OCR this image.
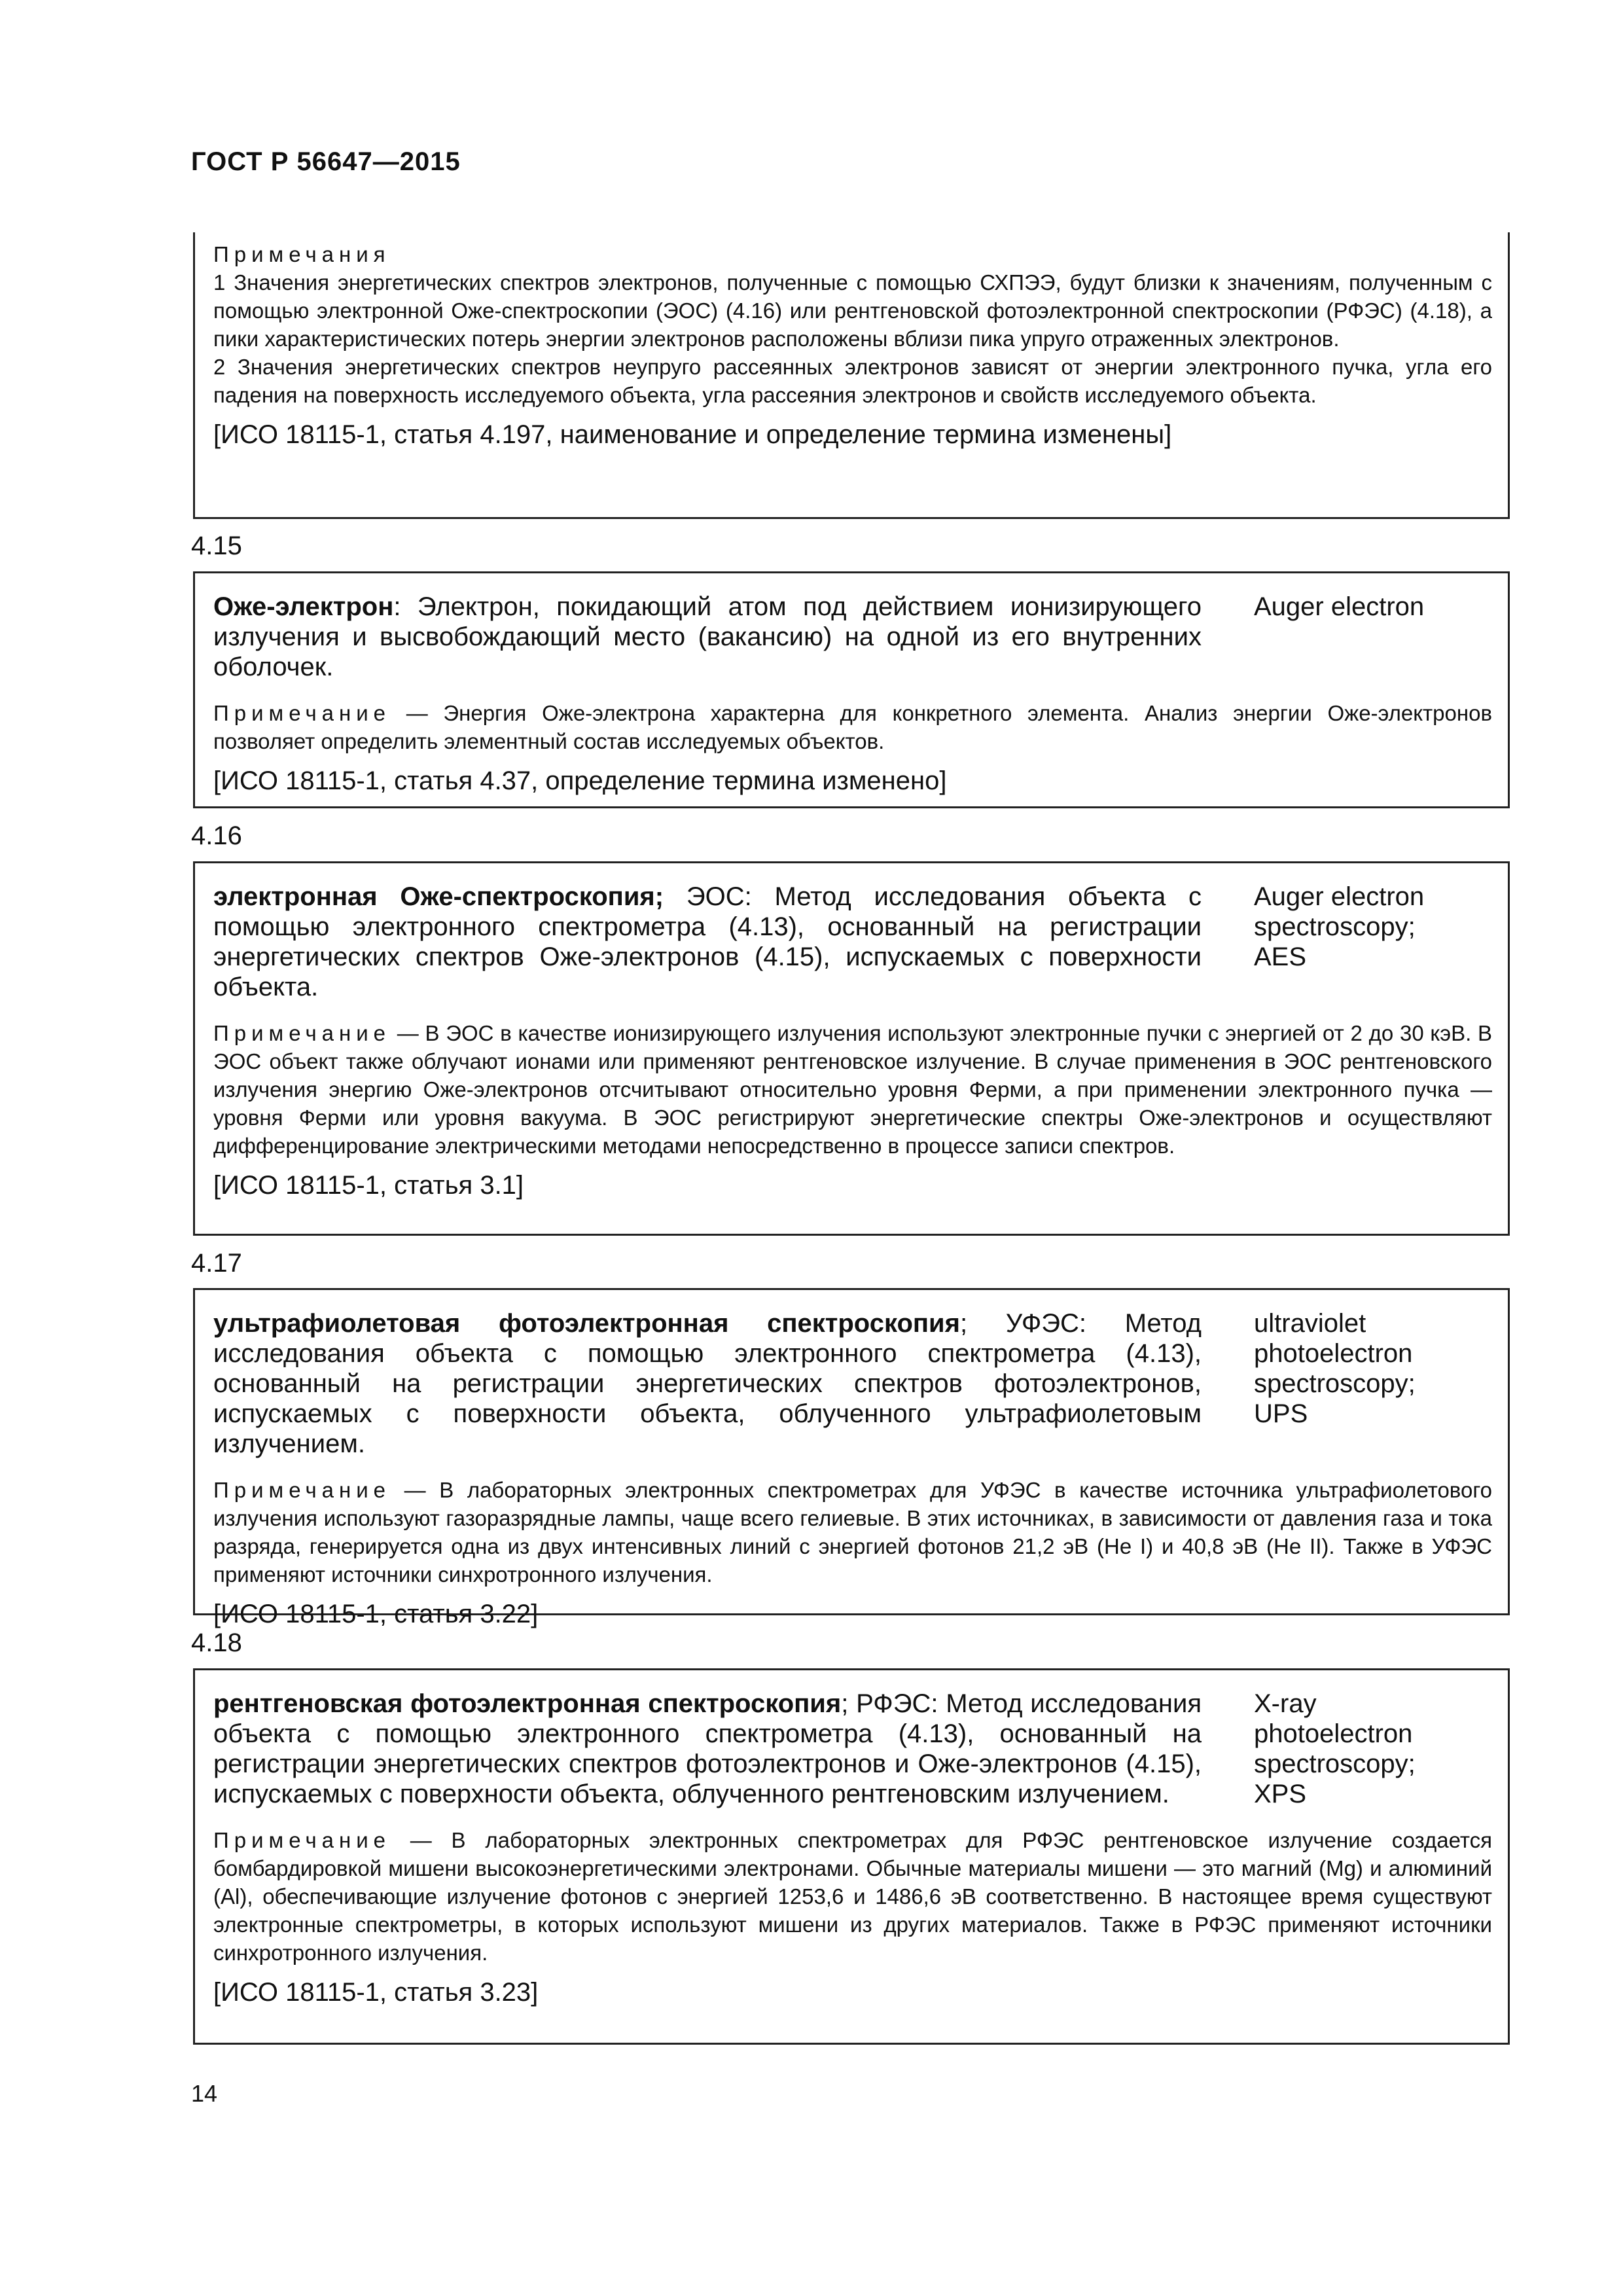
ГОСТ Р 56647—2015

Примечания

1 Значения энергетических спектров электронов, полученные с помощью СХПЭЭ, будут близки к значениям, полученным с помощью электронной Оже-спектроскопии (ЭОС) (4.16) или рентгеновской фотоэлектронной спектроскопии (РФЭС) (4.18), а пики характеристических потерь энергии электронов расположены вблизи пика упруго отраженных электронов.

2 Значения энергетических спектров неупруго рассеянных электронов зависят от энергии электронного пучка, угла его падения на поверхность исследуемого объекта, угла рассеяния электронов и свойств исследуемого объекта.

[ИСО 18115-1, статья 4.197, наименование и определение термина изменены]
4.15
Оже-электрон: Электрон, покидающий атом под действием ионизирующего излучения и высвобождающий место (вакансию) на одной из его внутренних оболочек.
Auger electron
Примечание — Энергия Оже-электрона характерна для конкретного элемента. Анализ энергии Оже-электронов позволяет определить элементный состав исследуемых объектов.
[ИСО 18115-1, статья 4.37, определение термина изменено]
4.16
электронная Оже-спектроскопия; ЭОС: Метод исследования объекта с помощью электронного спектрометра (4.13), основанный на регистрации энергетических спектров Оже-электронов (4.15), испускаемых с поверхности объекта.
Auger electron spectroscopy; AES
Примечание — В ЭОС в качестве ионизирующего излучения используют электронные пучки с энергией от 2 до 30 кэВ. В ЭОС объект также облучают ионами или применяют рентгеновское излучение. В случае применения в ЭОС рентгеновского излучения энергию Оже-электронов отсчитывают относительно уровня Ферми, а при применении электронного пучка — уровня Ферми или уровня вакуума. В ЭОС регистрируют энергетические спектры Оже-электронов и осуществляют дифференцирование электрическими методами непосредственно в процессе записи спектров.
[ИСО 18115-1, статья 3.1]
4.17
ультрафиолетовая фотоэлектронная спектроскопия; УФЭС: Метод исследования объекта с помощью электронного спектрометра (4.13), основанный на регистрации энергетических спектров фотоэлектронов, испускаемых с поверхности объекта, облученного ультрафиолетовым излучением.
ultraviolet photoelectron spectroscopy; UPS
Примечание — В лабораторных электронных спектрометрах для УФЭС в качестве источника ультрафиолетового излучения используют газоразрядные лампы, чаще всего гелиевые. В этих источниках, в зависимости от давления газа и тока разряда, генерируется одна из двух интенсивных линий с энергией фотонов 21,2 эВ (He I) и 40,8 эВ (He II). Также в УФЭС применяют источники синхротронного излучения.
[ИСО 18115-1, статья 3.22]
4.18
рентгеновская фотоэлектронная спектроскопия; РФЭС: Метод исследования объекта с помощью электронного спектрометра (4.13), основанный на регистрации энергетических спектров фотоэлектронов и Оже-электронов (4.15), испускаемых с поверхности объекта, облученного рентгеновским излучением.
X-ray photoelectron spectroscopy; XPS
Примечание — В лабораторных электронных спектрометрах для РФЭС рентгеновское излучение создается бомбардировкой мишени высокоэнергетическими электронами. Обычные материалы мишени — это магний (Mg) и алюминий (Al), обеспечивающие излучение фотонов с энергией 1253,6 и 1486,6 эВ соответственно. В настоящее время существуют электронные спектрометры, в которых используют мишени из других материалов. Также в РФЭС применяют источники синхротронного излучения.
[ИСО 18115-1, статья 3.23]
14
